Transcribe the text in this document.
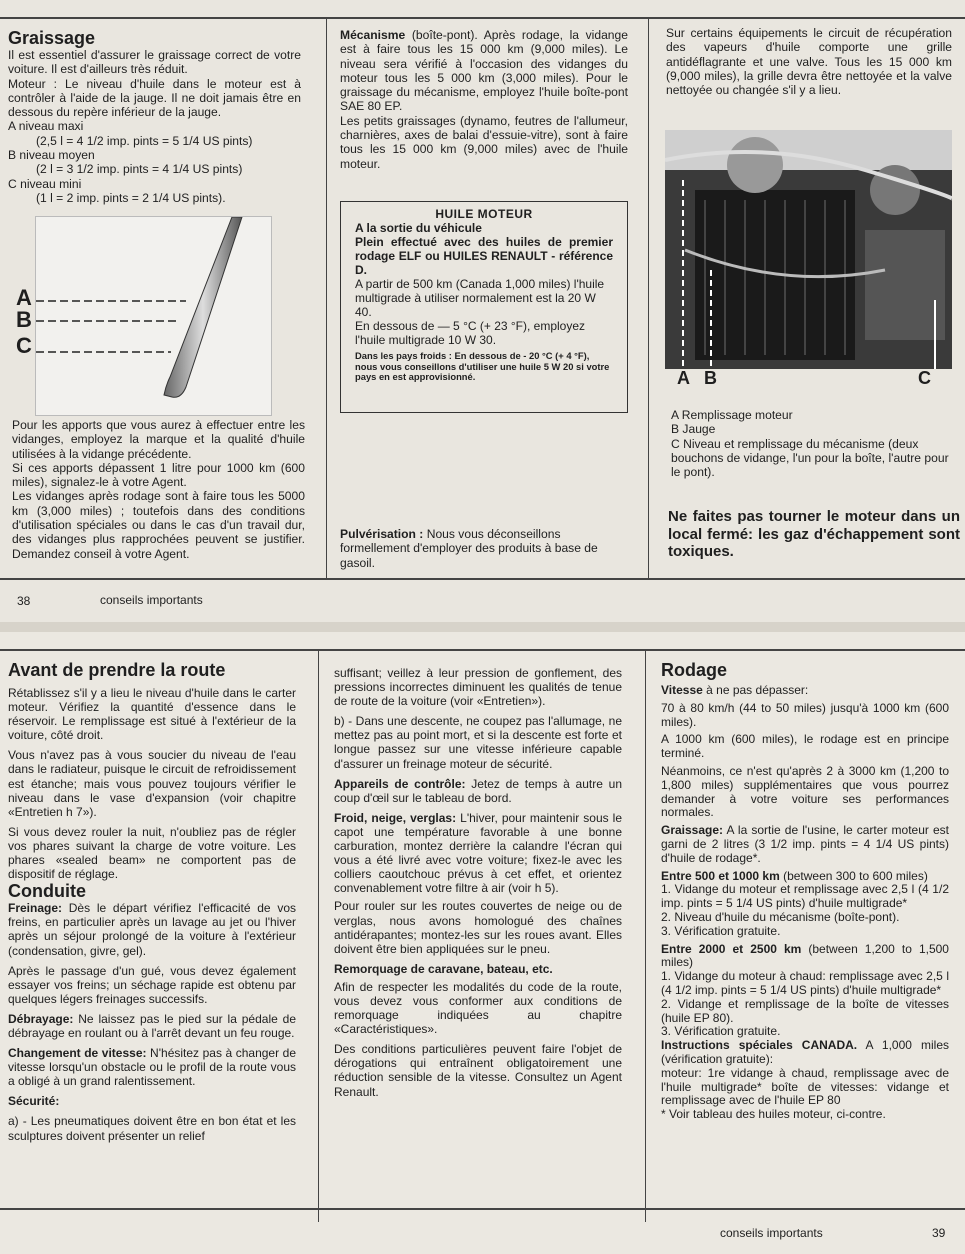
Graissage

Il est essentiel d'assurer le graissage correct de votre voiture. Il est d'ailleurs très réduit.

Moteur : Le niveau d'huile dans le moteur est à contrôler à l'aide de la jauge. Il ne doit jamais être en dessous du repère inférieur de la jauge.

A niveau maxi

(2,5 l = 4 1/2 imp. pints = 5 1/4 US pints)

B niveau moyen

(2 l = 3 1/2 imp. pints = 4 1/4 US pints)

C niveau mini

(1 l = 2 imp. pints = 2 1/4 US pints).

A
B
C

Pour les apports que vous aurez à effectuer entre les vidanges, employez la marque et la qualité d'huile utilisées à la vidange précédente.

Si ces apports dépassent 1 litre pour 1000 km (600 miles), signalez-le à votre Agent.

Les vidanges après rodage sont à faire tous les 5000 km (3,000 miles) ; toutefois dans des conditions d'utilisation spéciales ou dans le cas d'un travail dur, des vidanges plus rapprochées peuvent se justifier. Demandez conseil à votre Agent.

Mécanisme (boîte-pont). Après rodage, la vidange est à faire tous les 15 000 km (9,000 miles). Le niveau sera vérifié à l'occasion des vidanges du moteur tous les 5 000 km (3,000 miles). Pour le graissage du mécanisme, employez l'huile boîte-pont SAE 80 EP.

Les petits graissages (dynamo, feutres de l'allumeur, charnières, axes de balai d'essuie-vitre), sont à faire tous les 15 000 km (9,000 miles) avec de l'huile moteur.

HUILE MOTEUR
A la sortie du véhicule
Plein effectué avec des huiles de premier rodage ELF ou HUILES RENAULT - référence D.
A partir de 500 km (Canada 1,000 miles) l'huile multigrade à utiliser normalement est la 20 W 40.
En dessous de — 5 °C (+ 23 °F), employez l'huile multigrade 10 W 30.
Dans les pays froids : En dessous de - 20 °C (+ 4 °F), nous vous conseillons d'utiliser une huile 5 W 20 si votre pays en est approvisionné.

Pulvérisation : Nous vous déconseillons formellement d'employer des produits à base de gasoil.

Sur certains équipements le circuit de récupération des vapeurs d'huile comporte une grille antidéflagrante et une valve. Tous les 15 000 km (9,000 miles), la grille devra être nettoyée et la valve nettoyée ou changée s'il y a lieu.

A B	C

A Remplissage moteur

B Jauge

C Niveau et remplissage du mécanisme (deux bouchons de vidange, l'un pour la boîte, l'autre pour le pont).

Ne faites pas tourner le moteur dans un local fermé: les gaz d'échappement sont toxiques.
38	conseils importants
Avant de prendre la route

Rétablissez s'il y a lieu le niveau d'huile dans le carter moteur. Vérifiez la quantité d'essence dans le réservoir. Le remplissage est situé à l'extérieur de la voiture, côté droit.

Vous n'avez pas à vous soucier du niveau de l'eau dans le radiateur, puisque le circuit de refroidissement est étanche; mais vous pouvez toujours vérifier le niveau dans le vase d'expansion (voir chapitre «Entretien h 7»).

Si vous devez rouler la nuit, n'oubliez pas de régler vos phares suivant la charge de votre voiture. Les phares «sealed beam» ne comportent pas de dispositif de réglage.

Conduite

Freinage: Dès le départ vérifiez l'efficacité de vos freins, en particulier après un lavage au jet ou l'hiver après un séjour prolongé de la voiture à l'extérieur (condensation, givre, gel).

Après le passage d'un gué, vous devez également essayer vos freins; un séchage rapide est obtenu par quelques légers freinages successifs.

Débrayage: Ne laissez pas le pied sur la pédale de débrayage en roulant ou à l'arrêt devant un feu rouge.

Changement de vitesse: N'hésitez pas à changer de vitesse lorsqu'un obstacle ou le profil de la route vous a obligé à un grand ralentissement.

Sécurité:

a) - Les pneumatiques doivent être en bon état et les sculptures doivent présenter un relief

suffisant; veillez à leur pression de gonflement, des pressions incorrectes diminuent les qualités de tenue de route de la voiture (voir «Entretien»).

b) - Dans une descente, ne coupez pas l'allumage, ne mettez pas au point mort, et si la descente est forte et longue passez sur une vitesse inférieure capable d'assurer un freinage moteur de sécurité.

Appareils de contrôle: Jetez de temps à autre un coup d'œil sur le tableau de bord.

Froid, neige, verglas: L'hiver, pour maintenir sous le capot une température favorable à une bonne carburation, montez derrière la calandre l'écran qui vous a été livré avec votre voiture; fixez-le avec les colliers caoutchouc prévus à cet effet, et orientez convenablement votre filtre à air (voir h 5).

Pour rouler sur les routes couvertes de neige ou de verglas, nous avons homologué des chaînes antidérapantes; montez-les sur les roues avant. Elles doivent être bien appliquées sur le pneu.

Remorquage de caravane, bateau, etc.

Afin de respecter les modalités du code de la route, vous devez vous conformer aux conditions de remorquage indiquées au chapitre «Caractéristiques».

Des conditions particulières peuvent faire l'objet de dérogations qui entraînent obligatoirement une réduction sensible de la vitesse. Consultez un Agent Renault.

Rodage

Vitesse à ne pas dépasser:

70 à 80 km/h (44 to 50 miles) jusqu'à 1000 km (600 miles).

A 1000 km (600 miles), le rodage est en principe terminé.

Néanmoins, ce n'est qu'après 2 à 3000 km (1,200 to 1,800 miles) supplémentaires que vous pourrez demander à votre voiture ses performances normales.

Graissage: A la sortie de l'usine, le carter moteur est garni de 2 litres (3 1/2 imp. pints = 4 1/4 US pints) d'huile de rodage*.

Entre 500 et 1000 km (between 300 to 600 miles)

1. Vidange du moteur et remplissage avec 2,5 l (4 1/2 imp. pints = 5 1/4 US pints) d'huile multigrade*

2. Niveau d'huile du mécanisme (boîte-pont).

3. Vérification gratuite.

Entre 2000 et 2500 km (between 1,200 to 1,500 miles)

1. Vidange du moteur à chaud: remplissage avec 2,5 l (4 1/2 imp. pints = 5 1/4 US pints) d'huile multigrade*

2. Vidange et remplissage de la boîte de vitesses (huile EP 80).

3. Vérification gratuite.

Instructions spéciales CANADA. A 1,000 miles (vérification gratuite):

moteur: 1re vidange à chaud, remplissage avec de l'huile multigrade* boîte de vitesses: vidange et remplissage avec de l'huile EP 80

* Voir tableau des huiles moteur, ci-contre.

conseils importants	39
